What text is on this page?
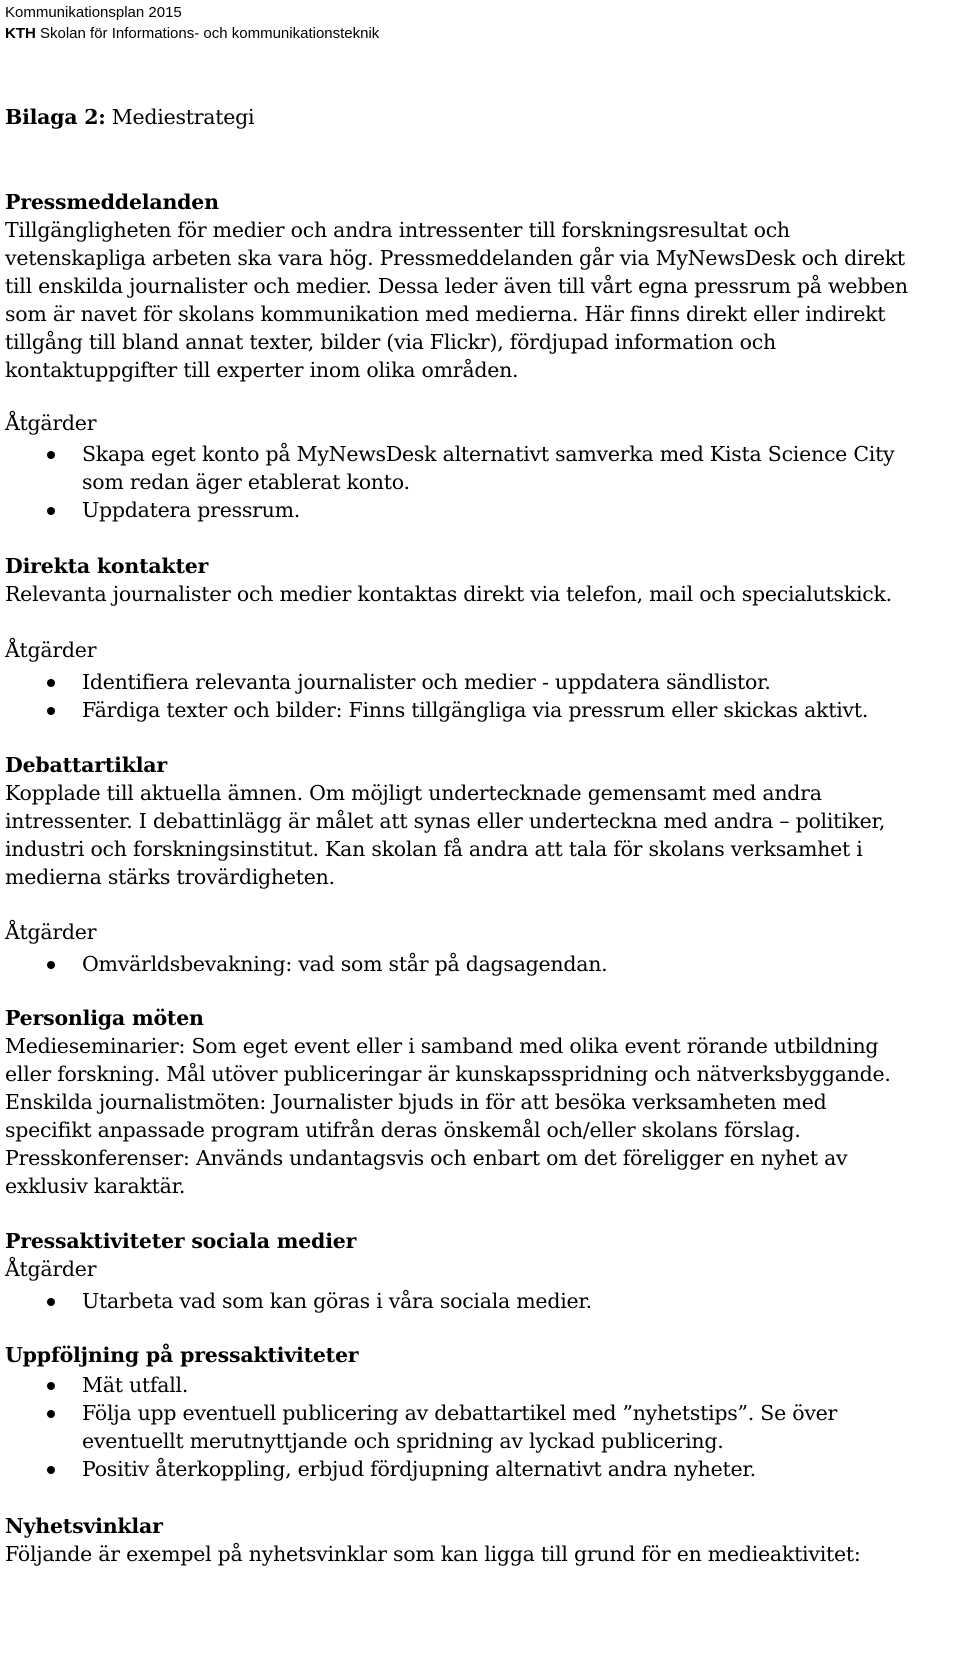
Kommunikationsplan 2015
KTH Skolan för Informations- och kommunikationsteknik
Bilaga 2: Mediestrategi
Pressmeddelanden
Tillgängligheten för medier och andra intressenter till forskningsresultat och
vetenskapliga arbeten ska vara hög. Pressmeddelanden går via MyNewsDesk och direkt
till enskilda journalister och medier. Dessa leder även till vårt egna pressrum på webben
som är navet för skolans kommunikation med medierna. Här finns direkt eller indirekt
tillgång till bland annat texter, bilder (via Flickr), fördjupad information och
kontaktuppgifter till experter inom olika områden.
Åtgärder
Skapa eget konto på MyNewsDesk alternativt samverka med Kista Science City
som redan äger etablerat konto.
Uppdatera pressrum.
Direkta kontakter
Relevanta journalister och medier kontaktas direkt via telefon, mail och specialutskick.
Åtgärder
Identifiera relevanta journalister och medier - uppdatera sändlistor.
Färdiga texter och bilder: Finns tillgängliga via pressrum eller skickas aktivt.
Debattartiklar
Kopplade till aktuella ämnen. Om möjligt undertecknade gemensamt med andra
intressenter. I debattinlägg är målet att synas eller underteckna med andra – politiker,
industri och forskningsinstitut. Kan skolan få andra att tala för skolans verksamhet i
medierna stärks trovärdigheten.
Åtgärder
Omvärldsbevakning: vad som står på dagsagendan.
Personliga möten
Medieseminarier: Som eget event eller i samband med olika event rörande utbildning
eller forskning. Mål utöver publiceringar är kunskapsspridning och nätverksbyggande.
Enskilda journalistmöten: Journalister bjuds in för att besöka verksamheten med
specifikt anpassade program utifrån deras önskemål och/eller skolans förslag.
Presskonferenser: Används undantagsvis och enbart om det föreligger en nyhet av
exklusiv karaktär.
Pressaktiviteter sociala medier
Åtgärder
Utarbeta vad som kan göras i våra sociala medier.
Uppföljning på pressaktiviteter
Mät utfall.
Följa upp eventuell publicering av debattartikel med ”nyhetstips”. Se över
eventuellt merutnyttjande och spridning av lyckad publicering.
Positiv återkoppling, erbjud fördjupning alternativt andra nyheter.
Nyhetsvinklar
Följande är exempel på nyhetsvinklar som kan ligga till grund för en medieaktivitet:
